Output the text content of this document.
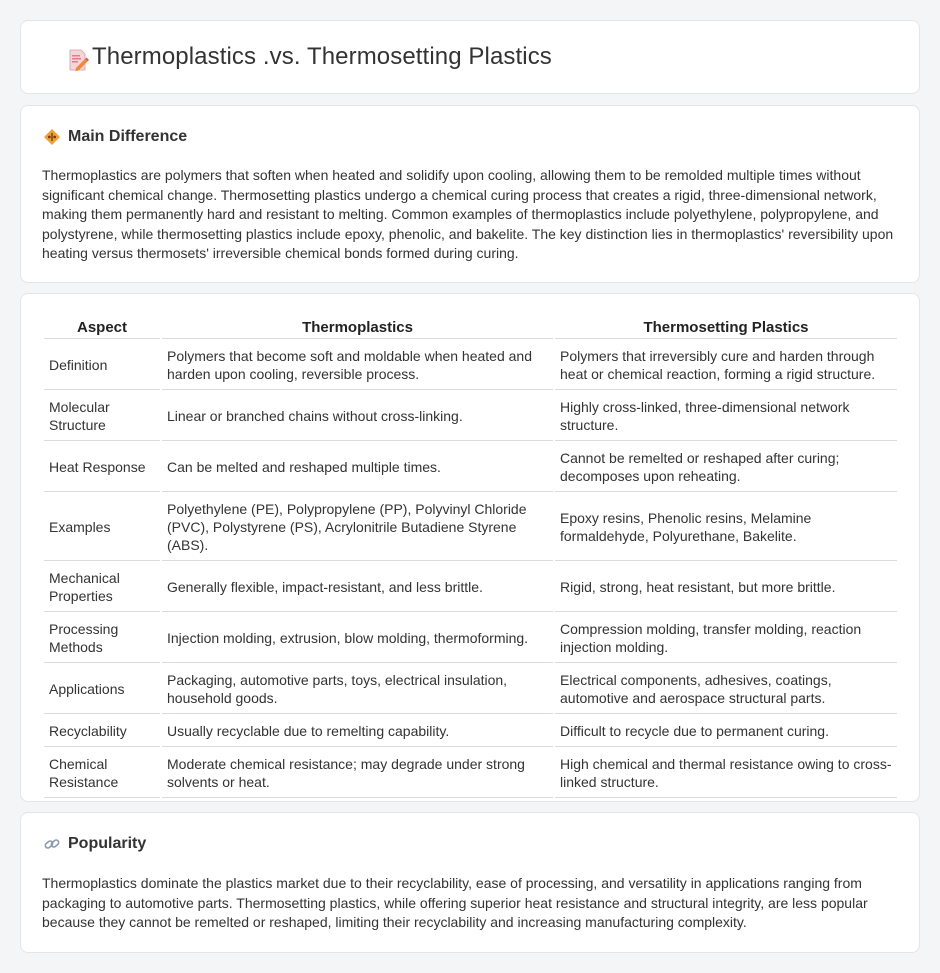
Thermoplastics .vs. Thermosetting Plastics
Main Difference

Thermoplastics are polymers that soften when heated and solidify upon cooling, allowing them to be remolded multiple times without significant chemical change. Thermosetting plastics undergo a chemical curing process that creates a rigid, three-dimensional network, making them permanently hard and resistant to melting. Common examples of thermoplastics include polyethylene, polypropylene, and polystyrene, while thermosetting plastics include epoxy, phenolic, and bakelite. The key distinction lies in thermoplastics' reversibility upon heating versus thermosets' irreversible chemical bonds formed during curing.

Aspect	Thermoplastics	Thermosetting Plastics
Definition	Polymers that become soft and moldable when heated and harden upon cooling, reversible process.	Polymers that irreversibly cure and harden through heat or chemical reaction, forming a rigid structure.
Molecular Structure	Linear or branched chains without cross-linking.	Highly cross-linked, three-dimensional network structure.
Heat Response	Can be melted and reshaped multiple times.	Cannot be remelted or reshaped after curing; decomposes upon reheating.
Examples	Polyethylene (PE), Polypropylene (PP), Polyvinyl Chloride (PVC), Polystyrene (PS), Acrylonitrile Butadiene Styrene (ABS).	Epoxy resins, Phenolic resins, Melamine formaldehyde, Polyurethane, Bakelite.
Mechanical Properties	Generally flexible, impact-resistant, and less brittle.	Rigid, strong, heat resistant, but more brittle.
Processing Methods	Injection molding, extrusion, blow molding, thermoforming.	Compression molding, transfer molding, reaction injection molding.
Applications	Packaging, automotive parts, toys, electrical insulation, household goods.	Electrical components, adhesives, coatings, automotive and aerospace structural parts.
Recyclability	Usually recyclable due to remelting capability.	Difficult to recycle due to permanent curing.
Chemical Resistance	Moderate chemical resistance; may degrade under strong solvents or heat.	High chemical and thermal resistance owing to cross-linked structure.
Popularity

Thermoplastics dominate the plastics market due to their recyclability, ease of processing, and versatility in applications ranging from packaging to automotive parts. Thermosetting plastics, while offering superior heat resistance and structural integrity, are less popular because they cannot be remelted or reshaped, limiting their recyclability and increasing manufacturing complexity.
